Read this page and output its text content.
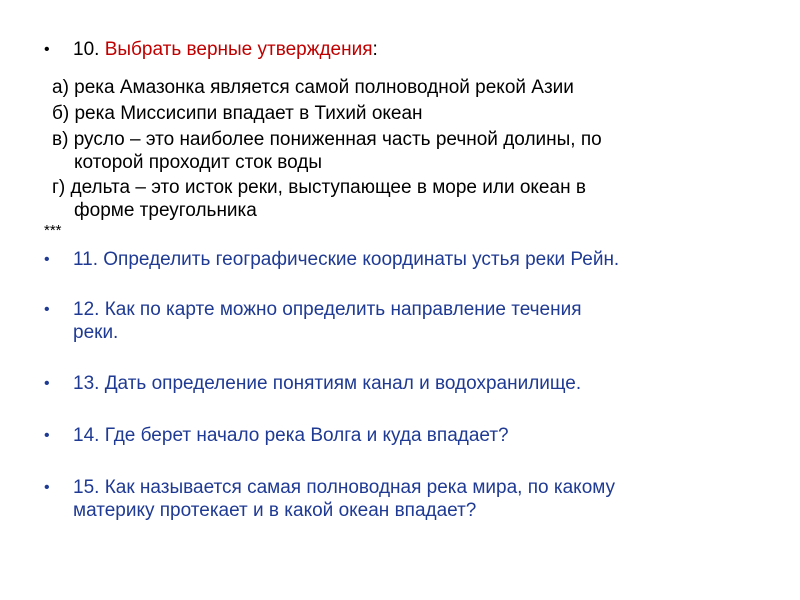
• 10. Выбрать верные утверждения:
а) река Амазонка является самой полноводной рекой Азии
б) река Миссисипи впадает в Тихий океан
в) русло – это наиболее пониженная часть речной долины, по
которой проходит сток воды
г) дельта – это исток реки, выступающее в море или океан в
форме треугольника
***
• 11. Определить географические координаты устья реки Рейн.
• 12. Как по карте можно определить направление течения
реки.
• 13. Дать определение понятиям канал и водохранилище.
• 14. Где берет начало река Волга и куда впадает?
• 15. Как называется самая полноводная река мира, по какому
материку протекает и в какой океан впадает?
